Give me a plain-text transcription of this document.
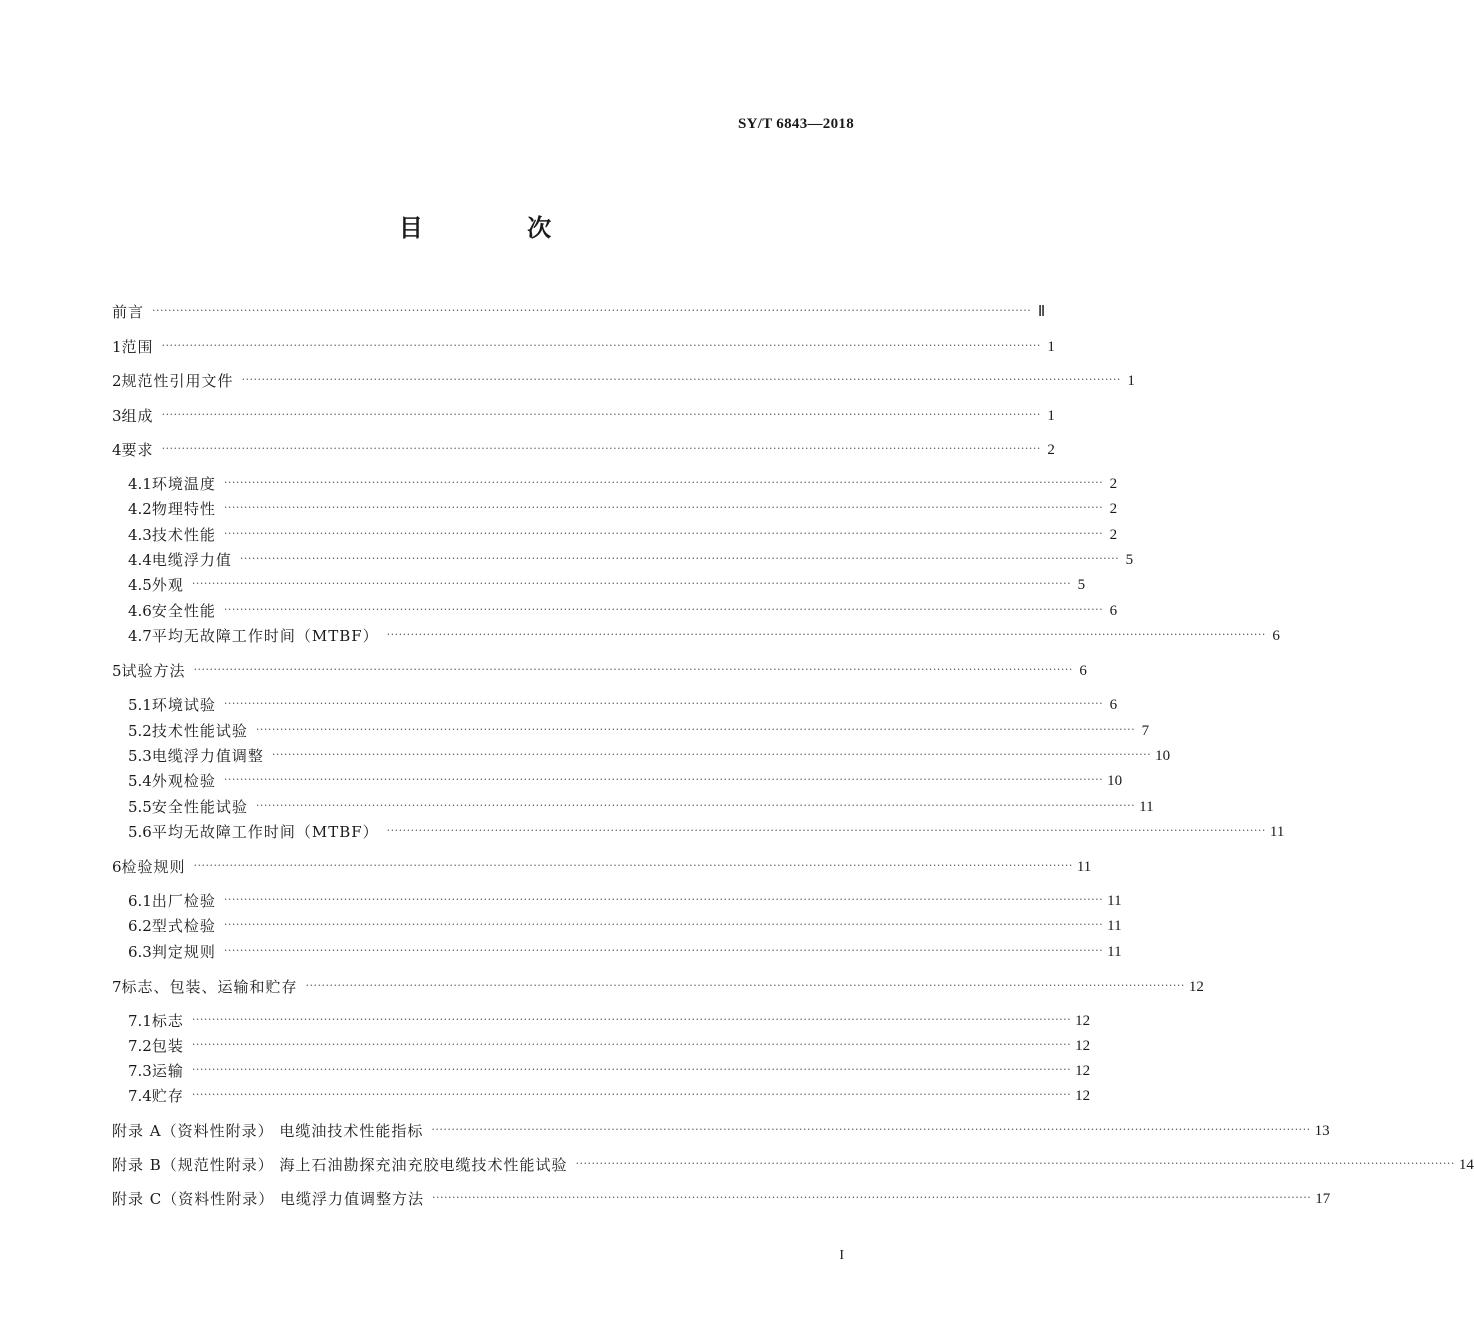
SY/T 6843—2018
目 次
前言 ···························································································································································································································· Ⅱ
1 范围 ···························································································································································································································· 1
2 规范性引用文件 ···························································································································································································································· 1
3 组成 ···························································································································································································································· 1
4 要求 ···························································································································································································································· 2
4.1 环境温度 ···························································································································································································································· 2
4.2 物理特性 ···························································································································································································································· 2
4.3 技术性能 ···························································································································································································································· 2
4.4 电缆浮力值 ···························································································································································································································· 5
4.5 外观 ···························································································································································································································· 5
4.6 安全性能 ···························································································································································································································· 6
4.7 平均无故障工作时间（MTBF） ···························································································································································································································· 6
5 试验方法 ···························································································································································································································· 6
5.1 环境试验 ···························································································································································································································· 6
5.2 技术性能试验 ···························································································································································································································· 7
5.3 电缆浮力值调整 ···························································································································································································································· 10
5.4 外观检验 ···························································································································································································································· 10
5.5 安全性能试验 ···························································································································································································································· 11
5.6 平均无故障工作时间（MTBF） ···························································································································································································································· 11
6 检验规则 ···························································································································································································································· 11
6.1 出厂检验 ···························································································································································································································· 11
6.2 型式检验 ···························································································································································································································· 11
6.3 判定规则 ···························································································································································································································· 11
7 标志、包装、运输和贮存 ···························································································································································································································· 12
7.1 标志 ···························································································································································································································· 12
7.2 包装 ···························································································································································································································· 12
7.3 运输 ···························································································································································································································· 12
7.4 贮存 ···························································································································································································································· 12
附录 A（资料性附录） 电缆油技术性能指标 ···························································································································································································································· 13
附录 B（规范性附录） 海上石油勘探充油充胶电缆技术性能试验 ···························································································································································································································· 14
附录 C（资料性附录） 电缆浮力值调整方法 ···························································································································································································································· 17
I
